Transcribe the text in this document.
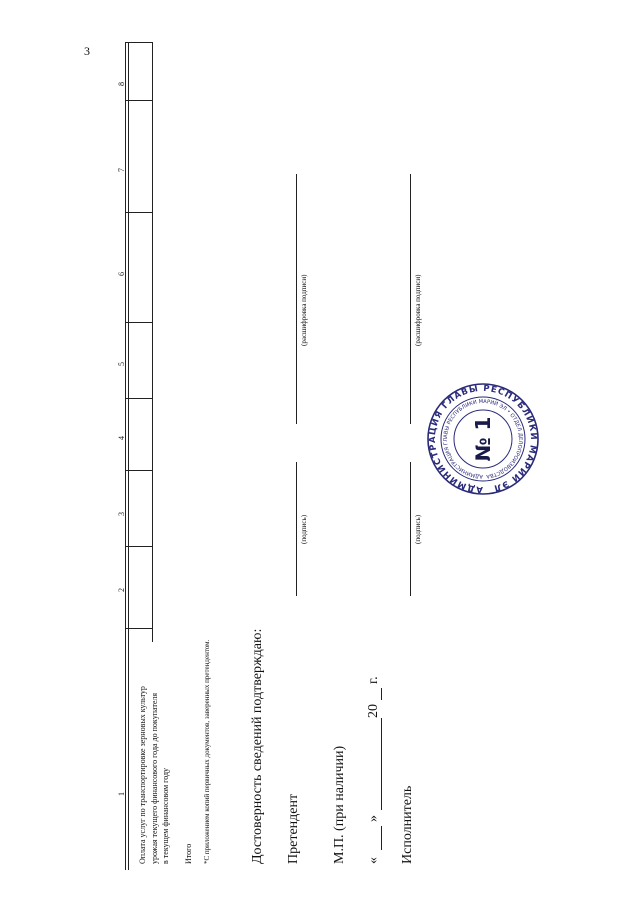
3
1
2
3
4
5
6
7
8
Оплата услуг по транспортировке зерновых культур урожая текущего финансового года до покупателя в текущем финансовом году Итого *С приложением копий первичных документов, заверенных претендентом.	Достоверность сведений подтверждаю: Претендент
(подпись)
(расшифровка подписи)
М.П. (при наличии) «
»
20
г.
Исполнитель
(подпись)
(расшифровка подписи)
АДМИНИСТРАЦИЯ ГЛАВЫ РЕСПУБЛИКИ МАРИЙ ЭЛ
АДМИНИСТРАЦИЯ ГЛАВЫ РЕСПУБЛИКИ МАРИЙ ЭЛ • ОТДЕЛ ДЕЛОПРОИЗВОДСТВА
№ 1
